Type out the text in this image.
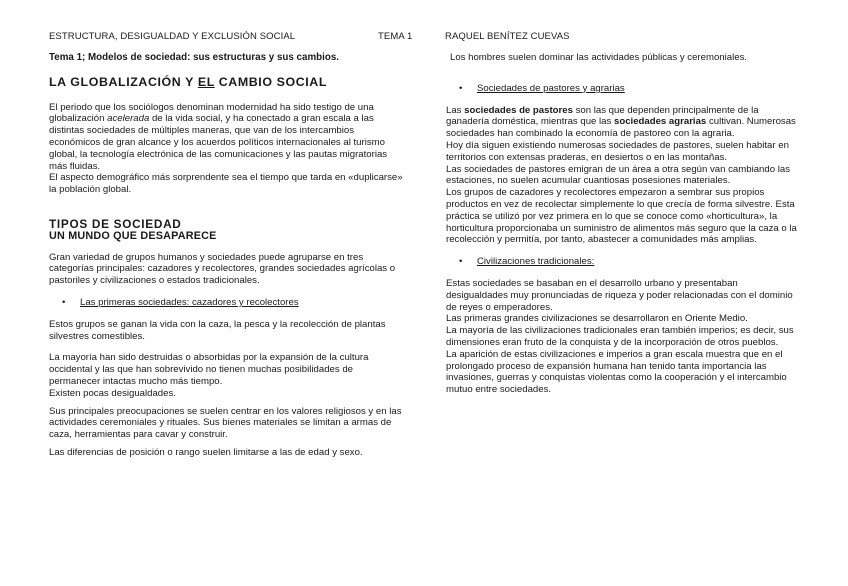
ESTRUCTURA, DESIGUALDAD Y EXCLUSIÓN SOCIAL	TEMA 1	RAQUEL BENÍTEZ CUEVAS

Tema 1; Modelos de sociedad: sus estructuras y sus cambios.

LA GLOBALIZACIÓN Y EL CAMBIO SOCIAL

El periodo que los sociólogos denominan modernidad ha sido testigo de una globalización acelerada de la vida social, y ha conectado a gran escala a las distintas sociedades de múltiples maneras, que van de los intercambios económicos de gran alcance y los acuerdos políticos internacionales al turismo global, la tecnología electrónica de las comunicaciones y las pautas migratorias más fluidas.

El aspecto demográfico más sorprendente sea el tiempo que tarda en «duplicarse» la población global.

TIPOS DE SOCIEDAD
UN MUNDO QUE DESAPARECE

Gran variedad de grupos humanos y sociedades puede agruparse en tres categorías principales: cazadores y recolectores, grandes sociedades agrícolas o pastoriles y civilizaciones o estados tradicionales.

• Las primeras sociedades: cazadores y recolectores

Estos grupos se ganan la vida con la caza, la pesca y la recolección de plantas silvestres comestibles.

La mayoría han sido destruidas o absorbidas por la expansión de la cultura occidental y las que han sobrevivido no tienen muchas posibilidades de permanecer intactas mucho más tiempo.

Existen pocas desigualdades.

Sus principales preocupaciones se suelen centrar en los valores religiosos y en las actividades ceremoniales y rituales. Sus bienes materiales se limitan a armas de caza, herramientas para cavar y construir.

Las diferencias de posición o rango suelen limitarse a las de edad y sexo.

Los hombres suelen dominar las actividades públicas y ceremoniales.

• Sociedades de pastores y agrarias

Las sociedades de pastores son las que dependen principalmente de la ganadería doméstica, mientras que las sociedades agrarias cultivan. Numerosas sociedades han combinado la economía de pastoreo con la agraria.

Hoy día siguen existiendo numerosas sociedades de pastores, suelen habitar en territorios con extensas praderas, en desiertos o en las montañas.

Las sociedades de pastores emigran de un área a otra según van cambiando las estaciones, no suelen acumular cuantiosas posesiones materiales.

Los grupos de cazadores y recolectores empezaron a sembrar sus propios productos en vez de recolectar simplemente lo que crecía de forma silvestre. Esta práctica se utilizó por vez primera en lo que se conoce como «horticultura», la horticultura proporcionaba un suministro de alimentos más seguro que la caza o la recolección y permitía, por tanto, abastecer a comunidades más amplias.

• Civilizaciones tradicionales:

Estas sociedades se basaban en el desarrollo urbano y presentaban desigualdades muy pronunciadas de riqueza y poder relacionadas con el dominio de reyes o emperadores.

Las primeras grandes civilizaciones se desarrollaron en Oriente Medio.

La mayoría de las civilizaciones tradicionales eran también imperios; es decir, sus dimensiones eran fruto de la conquista y de la incorporación de otros pueblos.

La aparición de estas civilizaciones e imperios a gran escala muestra que en el prolongado proceso de expansión humana han tenido tanta importancia las invasiones, guerras y conquistas violentas como la cooperación y el intercambio mutuo entre sociedades.
